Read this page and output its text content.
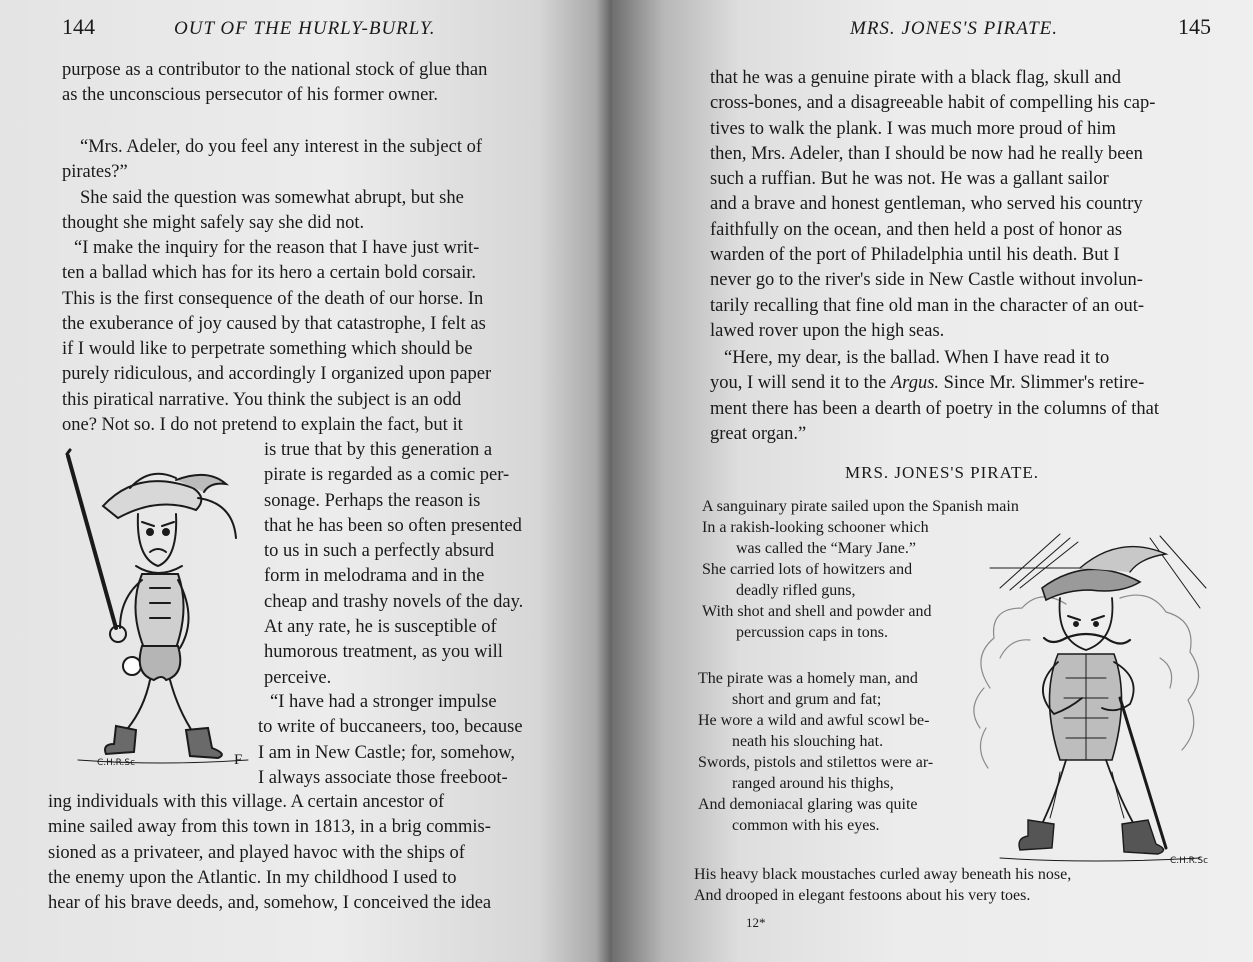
144	OUT OF THE HURLY-BURLY.
purpose as a contributor to the national stock of glue than
as the unconscious persecutor of his former owner.
“Mrs. Adeler, do you feel any interest in the subject of
pirates?”
She said the question was somewhat abrupt, but she
thought she might safely say she did not.
“I make the inquiry for the reason that I have just writ-
ten a ballad which has for its hero a certain bold corsair.
This is the first consequence of the death of our horse. In
the exuberance of joy caused by that catastrophe, I felt as
if I would like to perpetrate something which should be
purely ridiculous, and accordingly I organized upon paper
this piratical narrative. You think the subject is an odd
one? Not so. I do not pretend to explain the fact, but it
is true that by this generation a
pirate is regarded as a comic per-
sonage. Perhaps the reason is
that he has been so often presented
to us in such a perfectly absurd
form in melodrama and in the
cheap and trashy novels of the day.
At any rate, he is susceptible of
humorous treatment, as you will
perceive.
“I have had a stronger impulse
to write of buccaneers, too, because
I am in New Castle; for, somehow,
I always associate those freeboot-
ing individuals with this village. A certain ancestor of
mine sailed away from this town in 1813, in a brig commis-
sioned as a privateer, and played havoc with the ships of
the enemy upon the Atlantic. In my childhood I used to
hear of his brave deeds, and, somehow, I conceived the idea
C.H.R.Sc	F
MRS. JONES'S PIRATE.	145
that he was a genuine pirate with a black flag, skull and
cross-bones, and a disagreeable habit of compelling his cap-
tives to walk the plank. I was much more proud of him
then, Mrs. Adeler, than I should be now had he really been
such a ruffian. But he was not. He was a gallant sailor
and a brave and honest gentleman, who served his country
faithfully on the ocean, and then held a post of honor as
warden of the port of Philadelphia until his death. But I
never go to the river's side in New Castle without involun-
tarily recalling that fine old man in the character of an out-
lawed rover upon the high seas.
“Here, my dear, is the ballad. When I have read it to
you, I will send it to the Argus. Since Mr. Slimmer's retire-
ment there has been a dearth of poetry in the columns of that
great organ.”
MRS. JONES'S PIRATE.
A sanguinary pirate sailed upon the Spanish main
In a rakish-looking schooner which
was called the “Mary Jane.”
She carried lots of howitzers and
deadly rifled guns,
With shot and shell and powder and
percussion caps in tons.
The pirate was a homely man, and
short and grum and fat;
He wore a wild and awful scowl be-
neath his slouching hat.
Swords, pistols and stilettos were ar-
ranged around his thighs,
And demoniacal glaring was quite
common with his eyes.
His heavy black moustaches curled away beneath his nose,
And drooped in elegant festoons about his very toes.
12*
C.H.R.Sc
